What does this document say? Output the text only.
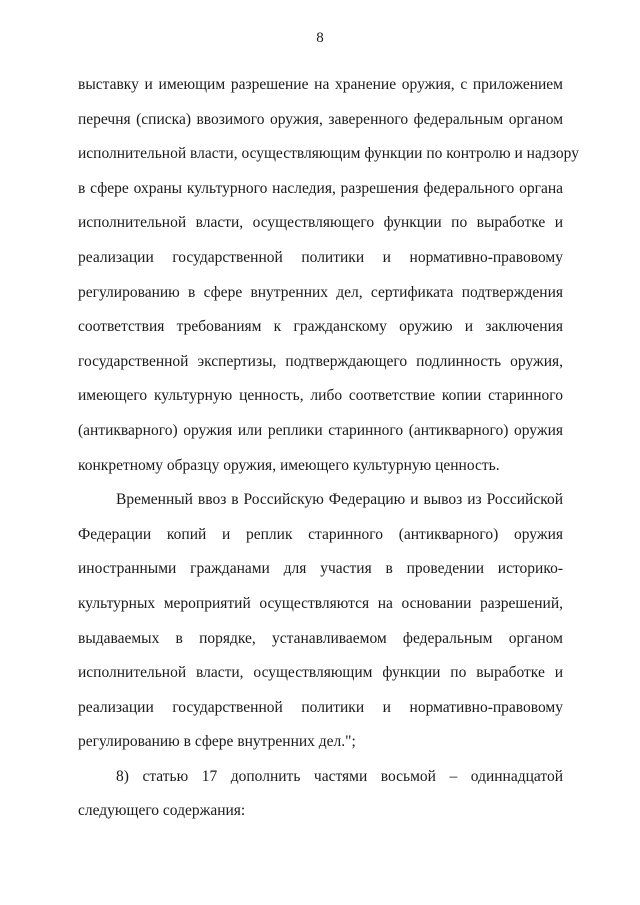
8
выставку и имеющим разрешение на хранение оружия, с приложением
перечня (списка) ввозимого оружия, заверенного федеральным органом
исполнительной власти, осуществляющим функции по контролю и надзору
в сфере охраны культурного наследия, разрешения федерального органа
исполнительной власти, осуществляющего функции по выработке и
реализации государственной политики и нормативно-правовому
регулированию в сфере внутренних дел, сертификата подтверждения
соответствия требованиям к гражданскому оружию и заключения
государственной экспертизы, подтверждающего подлинность оружия,
имеющего культурную ценность, либо соответствие копии старинного
(антикварного) оружия или реплики старинного (антикварного) оружия
конкретному образцу оружия, имеющего культурную ценность.
Временный ввоз в Российскую Федерацию и вывоз из Российской
Федерации копий и реплик старинного (антикварного) оружия
иностранными гражданами для участия в проведении историко-
культурных мероприятий осуществляются на основании разрешений,
выдаваемых в порядке, устанавливаемом федеральным органом
исполнительной власти, осуществляющим функции по выработке и
реализации государственной политики и нормативно-правовому
регулированию в сфере внутренних дел.";
8) статью 17 дополнить частями восьмой – одиннадцатой
следующего содержания:
